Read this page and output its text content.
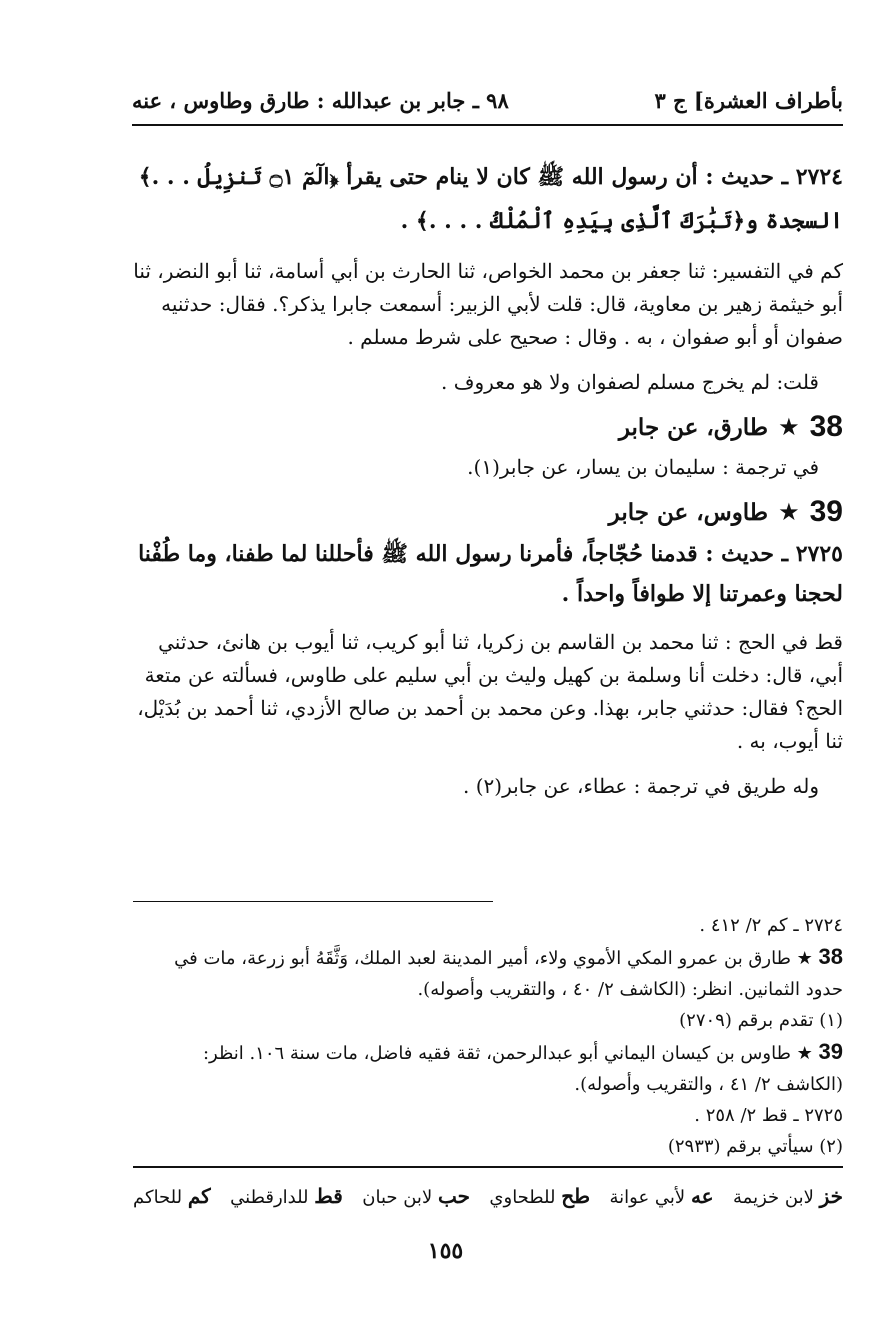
بأطراف العشرة] ج ٣
٩٨ ـ جابر بن عبدالله : طارق وطاوس ، عنه

٢٧٢٤ ـ حديث : أن رسول الله ﷺ كان لا ينام حتى يقرأ ﴿الٓمٓ ۝١ تَنزِيلُ . . .﴾ السجدة و﴿تَبَٰرَكَ ٱلَّذِى بِيَدِهِ ٱلْمُلْكُ . . . .﴾ .

كم في التفسير: ثنا جعفر بن محمد الخواص، ثنا الحارث بن أبي أسامة، ثنا أبو النضر، ثنا أبو خيثمة زهير بن معاوية، قال: قلت لأبي الزبير: أسمعت جابرا يذكر؟. فقال: حدثنيه صفوان أو أبو صفوان ، به . وقال : صحيح على شرط مسلم .

قلت: لم يخرج مسلم لصفوان ولا هو معروف .

38
★
طارق، عن جابر

في ترجمة : سليمان بن يسار، عن جابر(١).

39
★
طاوس، عن جابر

٢٧٢٥ ـ حديث : قدمنا حُجّاجاً، فأمرنا رسول الله ﷺ فأحللنا لما طفنا، وما طُفْنا لحجنا وعمرتنا إلا طوافاً واحداً .

قط في الحج : ثنا محمد بن القاسم بن زكريا، ثنا أبو كريب، ثنا أيوب بن هانئ، حدثني أبي، قال: دخلت أنا وسلمة بن كهيل وليث بن أبي سليم على طاوس، فسألته عن متعة الحج؟ فقال: حدثني جابر، بهذا. وعن محمد بن أحمد بن صالح الأزدي، ثنا أحمد بن بُدَيْل، ثنا أيوب، به .

وله طريق في ترجمة : عطاء، عن جابر(٢) .

٢٧٢٤ ـ كم ٢/ ٤١٢ .

38 ★ طارق بن عمرو المكي الأموي ولاء، أمير المدينة لعبد الملك، وَثَّقَهُ أبو زرعة، مات في حدود الثمانين. انظر: (الكاشف ٢/ ٤٠ ، والتقريب وأصوله).

(١) تقدم برقم (٢٧٠٩)

39 ★ طاوس بن كيسان اليماني أبو عبدالرحمن، ثقة فقيه فاضل، مات سنة ١٠٦. انظر: (الكاشف ٢/ ٤١ ، والتقريب وأصوله).

٢٧٢٥ ـ قط ٢/ ٢٥٨ .

(٢) سيأتي برقم (٢٩٣٣)

خز لابن خزيمة
عه لأبي عوانة
طح للطحاوي
حب لابن حبان
قط للدارقطني
كم للحاكم
١٥٥
